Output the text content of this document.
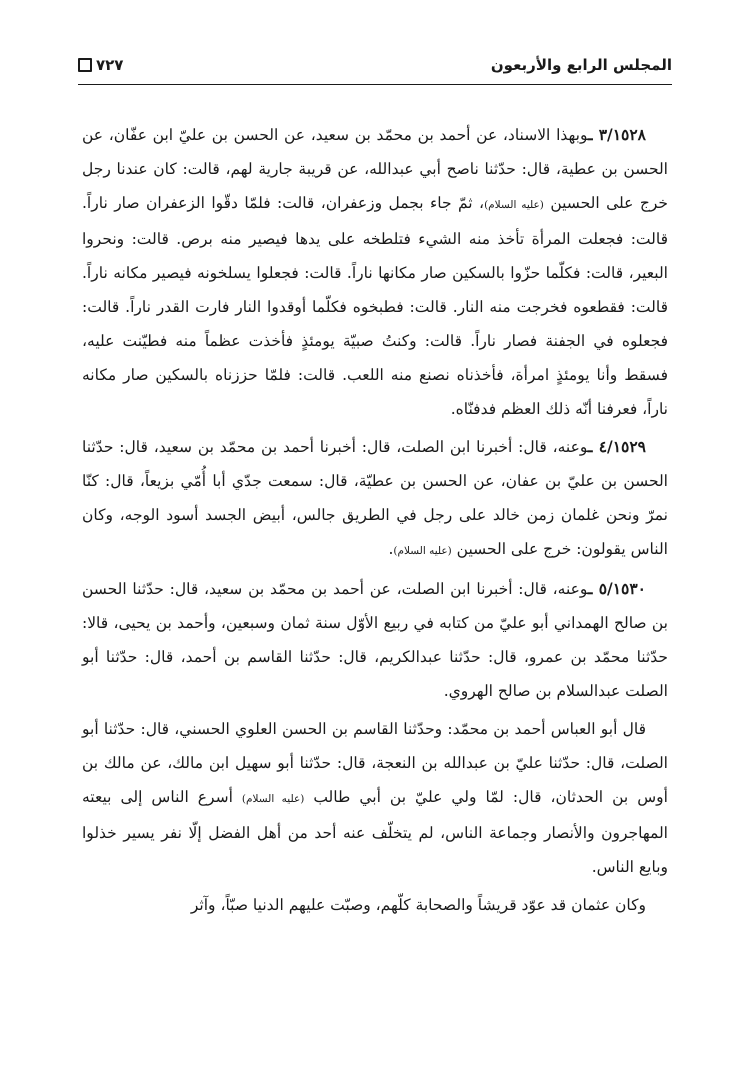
المجلس الرابع والأربعون
٧٢٧

٣/١٥٢٨ ـوبهذا الاسناد، عن أحمد بن محمّد بن سعيد، عن الحسن بن عليّ ابن عفّان، عن الحسن بن عطية، قال: حدّثنا ناصح أبي عبدالله، عن قريبة جارية لهم، قالت: كان عندنا رجل خرج على الحسين (عليه السلام)، ثمّ جاء بجمل وزعفران، قالت: فلمّا دقّوا الزعفران صار ناراً. قالت: فجعلت المرأة تأخذ منه الشيء فتلطخه على يدها فيصير منه برص. قالت: ونحروا البعير، قالت: فكلّما حزّوا بالسكين صار مكانها ناراً. قالت: فجعلوا يسلخونه فيصير مكانه ناراً. قالت: فقطعوه فخرجت منه النار. قالت: فطبخوه فكلّما أوقدوا النار فارت القدر ناراً. قالت: فجعلوه في الجفنة فصار ناراً. قالت: وكنتُ صبيّة يومئذٍ فأخذت عظماً منه فطيّنت عليه، فسقط وأنا يومئذٍ امرأة، فأخذناه نصنع منه اللعب. قالت: فلمّا حززناه بالسكين صار مكانه ناراً، فعرفنا أنّه ذلك العظم فدفنّاه.

٤/١٥٢٩ ـوعنه، قال: أخبرنا ابن الصلت، قال: أخبرنا أحمد بن محمّد بن سعيد، قال: حدّثنا الحسن بن عليّ بن عفان، عن الحسن بن عطيّة، قال: سمعت جدّي أبا أُمّي بزيعاً، قال: كنّا نمرّ ونحن غلمان زمن خالد على رجل في الطريق جالس، أبيض الجسد أسود الوجه، وكان الناس يقولون: خرج على الحسين (عليه السلام).

٥/١٥٣٠ ـوعنه، قال: أخبرنا ابن الصلت، عن أحمد بن محمّد بن سعيد، قال: حدّثنا الحسن بن صالح الهمداني أبو عليّ من كتابه في ربيع الأوّل سنة ثمان وسبعين، وأحمد بن يحيى، قالا: حدّثنا محمّد بن عمرو، قال: حدّثنا عبدالكريم، قال: حدّثنا القاسم بن أحمد، قال: حدّثنا أبو الصلت عبدالسلام بن صالح الهروي.

قال أبو العباس أحمد بن محمّد: وحدّثنا القاسم بن الحسن العلوي الحسني، قال: حدّثنا أبو الصلت، قال: حدّثنا عليّ بن عبدالله بن النعجة، قال: حدّثنا أبو سهيل ابن مالك، عن مالك بن أوس بن الحدثان، قال: لمّا ولي عليّ بن أبي طالب (عليه السلام) أسرع الناس إلى بيعته المهاجرون والأنصار وجماعة الناس، لم يتخلّف عنه أحد من أهل الفضل إلّا نفر يسير خذلوا وبايع الناس.

وكان عثمان قد عوّد قريشاً والصحابة كلّهم، وصبّت عليهم الدنيا صبّاً، وآثر
